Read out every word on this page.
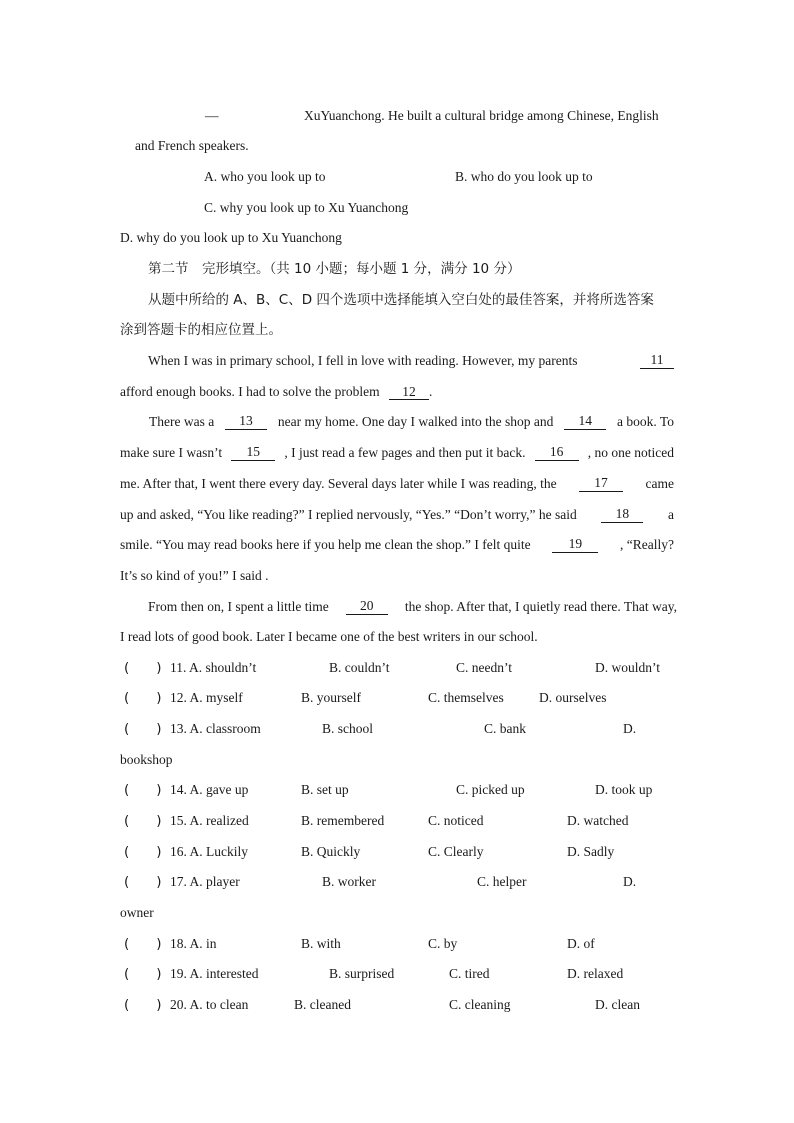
—	XuYuanchong. He built a cultural bridge among Chinese, English
and French speakers.
A. who you look up to	B. who do you look up to
C. why you look up to Xu Yuanchong
D. why do you look up to Xu Yuanchong
第二节　完形填空。（共 10 小题；每小题 1 分，满分 10 分）
从题中所给的 A、B、C、D 四个选项中选择能填入空白处的最佳答案，并将所选答案
涂到答题卡的相应位置上。
When I was in primary school, I fell in love with reading. However, my parents	11
afford enough books. I had to solve the problem 12 .
There was a	13	near my home. One day I walked into the shop and	14	a book. To
make sure I wasn’t	15	, I just read a few pages and then put it back.	16	, no one noticed
me. After that, I went there every day. Several days later while I was reading, the	17	came
up and asked, “You like reading?” I replied nervously, “Yes.” “Don’t worry,” he said	18	a
smile. “You may read books here if you help me clean the shop.” I felt quite	19	, “Really?
It’s so kind of you!” I said .
From then on, I spent a little time	20	the shop. After that, I quietly read there. That way,
I read lots of good book. Later I became one of the best writers in our school.
(　　) 11. A. shouldn’t	B. couldn’t	C. needn’t	D. wouldn’t
(　　) 12. A. myself	B. yourself	C. themselves	D. ourselves
(　　) 13. A. classroom	B. school	C. bank	D.
bookshop
(　　) 14. A. gave up	B. set up	C. picked up	D. took up
(　　) 15. A. realized	B. remembered	C. noticed	D. watched
(　　) 16. A. Luckily	B. Quickly	C. Clearly	D. Sadly
(　　) 17. A. player	B. worker	C. helper	D.
owner
(　　) 18. A. in	B. with	C. by	D. of
(　　) 19. A. interested	B. surprised	C. tired	D. relaxed
(　　) 20. A. to clean	B. cleaned	C. cleaning	D. clean
